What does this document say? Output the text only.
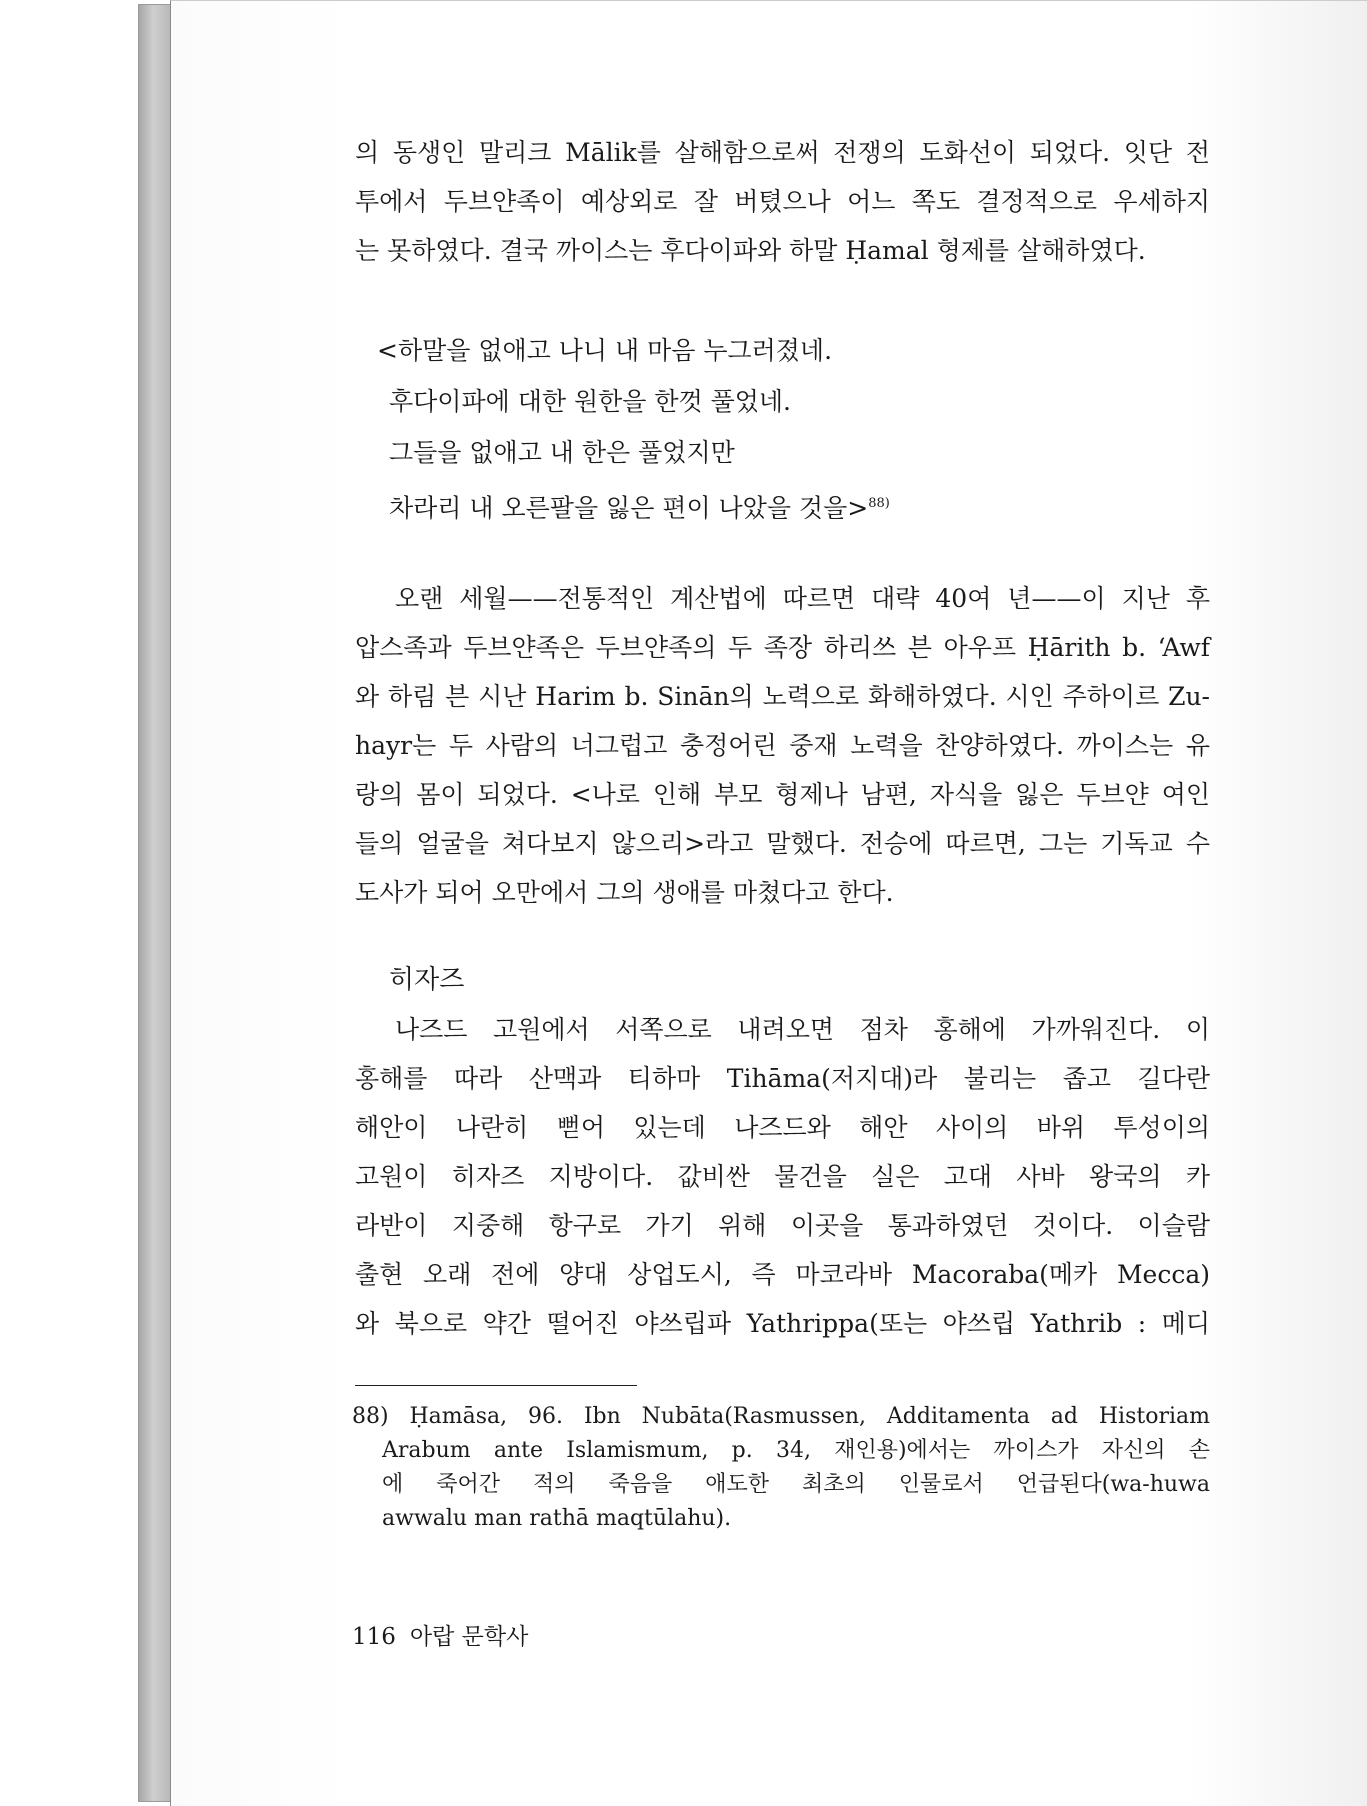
의 동생인 말리크 Mālik를 살해함으로써 전쟁의 도화선이 되었다. 잇단 전

투에서 두브얀족이 예상외로 잘 버텼으나 어느 쪽도 결정적으로 우세하지

는 못하였다. 결국 까이스는 후다이파와 하말 Ḥamal 형제를 살해하였다.

<하말을 없애고 나니 내 마음 누그러졌네.

후다이파에 대한 원한을 한껏 풀었네.

그들을 없애고 내 한은 풀었지만

차라리 내 오른팔을 잃은 편이 나았을 것을>$^{88)}$

오랜 세월——전통적인 계산법에 따르면 대략 40여 년——이 지난 후

압스족과 두브얀족은 두브얀족의 두 족장 하리쓰 븐 아우프 Ḥārith b. ‘Awf

와 하림 븐 시난 Harim b. Sinān의 노력으로 화해하였다. 시인 주하이르 Zu-

hayr는 두 사람의 너그럽고 충정어린 중재 노력을 찬양하였다. 까이스는 유

랑의 몸이 되었다. <나로 인해 부모 형제나 남편, 자식을 잃은 두브얀 여인

들의 얼굴을 쳐다보지 않으리>라고 말했다. 전승에 따르면, 그는 기독교 수

도사가 되어 오만에서 그의 생애를 마쳤다고 한다.

히자즈

나즈드 고원에서 서쪽으로 내려오면 점차 홍해에 가까워진다. 이

홍해를 따라 산맥과 티하마 Tihāma(저지대)라 불리는 좁고 길다란

해안이 나란히 뻗어 있는데 나즈드와 해안 사이의 바위 투성이의

고원이 히자즈 지방이다. 값비싼 물건을 실은 고대 사바 왕국의 카

라반이 지중해 항구로 가기 위해 이곳을 통과하였던 것이다. 이슬람

출현 오래 전에 양대 상업도시, 즉 마코라바 Macoraba(메카 Mecca)

와 북으로 약간 떨어진 야쓰립파 Yathrippa(또는 야쓰립 Yathrib : 메디

88) Ḥamāsa, 96. Ibn Nubāta(Rasmussen, Additamenta ad Historiam

Arabum ante Islamismum, p. 34, 재인용)에서는 까이스가 자신의 손

에 죽어간 적의 죽음을 애도한 최초의 인물로서 언급된다(wa-huwa

awwalu man rathā maqtūlahu).

116 아랍 문학사
